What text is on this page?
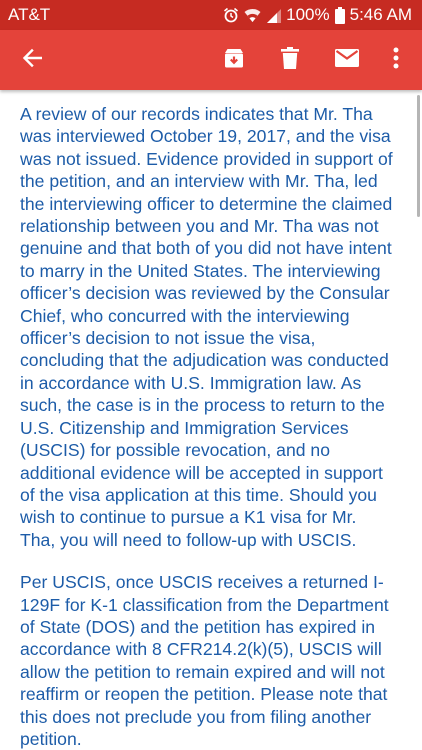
AT&T	100% 5:46 AM

A review of our records indicates that Mr. Tha was interviewed October 19, 2017, and the visa was not issued. Evidence provided in support of the petition, and an interview with Mr. Tha, led the interviewing officer to determine the claimed relationship between you and Mr. Tha was not genuine and that both of you did not have intent to marry in the United States. The interviewing officer’s decision was reviewed by the Consular Chief, who concurred with the interviewing officer’s decision to not issue the visa, concluding that the adjudication was conducted in accordance with U.S. Immigration law. As such, the case is in the process to return to the U.S. Citizenship and Immigration Services (USCIS) for possible revocation, and no additional evidence will be accepted in support of the visa application at this time. Should you wish to continue to pursue a K1 visa for Mr. Tha, you will need to follow-up with USCIS.

Per USCIS, once USCIS receives a returned I-129F for K-1 classification from the Department of State (DOS) and the petition has expired in accordance with 8 CFR214.2(k)(5), USCIS will allow the petition to remain expired and will not reaffirm or reopen the petition. Please note that this does not preclude you from filing another petition.
